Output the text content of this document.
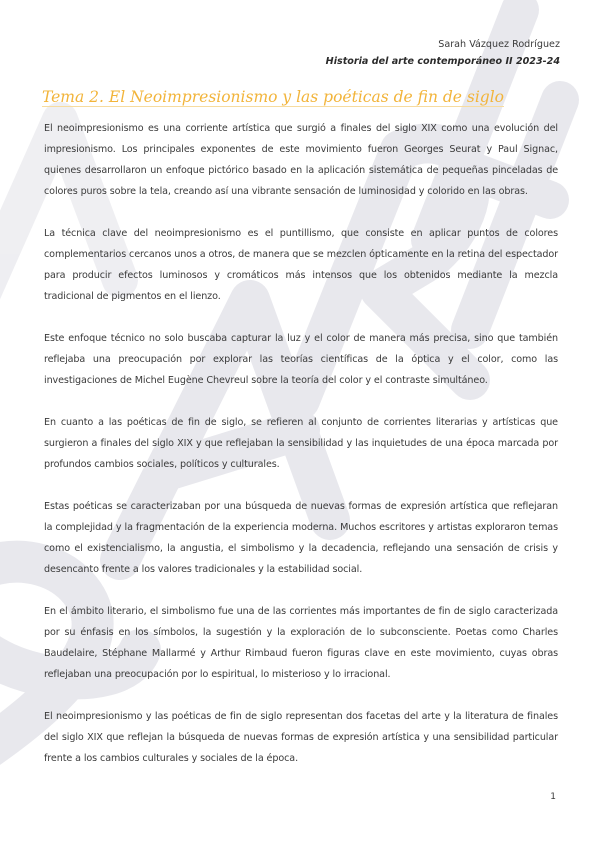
Sarah Vázquez Rodríguez
Historia del arte contemporáneo II 2023-24
Tema 2. El Neoimpresionismo y las poéticas de fin de siglo

El neoimpresionismo es una corriente artística que surgió a finales del siglo XIX como una evolución del impresionismo. Los principales exponentes de este movimiento fueron Georges Seurat y Paul Signac, quienes desarrollaron un enfoque pictórico basado en la aplicación sistemática de pequeñas pinceladas de colores puros sobre la tela, creando así una vibrante sensación de luminosidad y colorido en las obras.

La técnica clave del neoimpresionismo es el puntillismo, que consiste en aplicar puntos de colores complementarios cercanos unos a otros, de manera que se mezclen ópticamente en la retina del espectador para producir efectos luminosos y cromáticos más intensos que los obtenidos mediante la mezcla tradicional de pigmentos en el lienzo.

Este enfoque técnico no solo buscaba capturar la luz y el color de manera más precisa, sino que también reflejaba una preocupación por explorar las teorías científicas de la óptica y el color, como las investigaciones de Michel Eugène Chevreul sobre la teoría del color y el contraste simultáneo.

En cuanto a las poéticas de fin de siglo, se refieren al conjunto de corrientes literarias y artísticas que surgieron a finales del siglo XIX y que reflejaban la sensibilidad y las inquietudes de una época marcada por profundos cambios sociales, políticos y culturales.

Estas poéticas se caracterizaban por una búsqueda de nuevas formas de expresión artística que reflejaran la complejidad y la fragmentación de la experiencia moderna. Muchos escritores y artistas exploraron temas como el existencialismo, la angustia, el simbolismo y la decadencia, reflejando una sensación de crisis y desencanto frente a los valores tradicionales y la estabilidad social.

En el ámbito literario, el simbolismo fue una de las corrientes más importantes de fin de siglo caracterizada por su énfasis en los símbolos, la sugestión y la exploración de lo subconsciente. Poetas como Charles Baudelaire, Stéphane Mallarmé y Arthur Rimbaud fueron figuras clave en este movimiento, cuyas obras reflejaban una preocupación por lo espiritual, lo misterioso y lo irracional.

El neoimpresionismo y las poéticas de fin de siglo representan dos facetas del arte y la literatura de finales del siglo XIX que reflejan la búsqueda de nuevas formas de expresión artística y una sensibilidad particular frente a los cambios culturales y sociales de la época.

1
